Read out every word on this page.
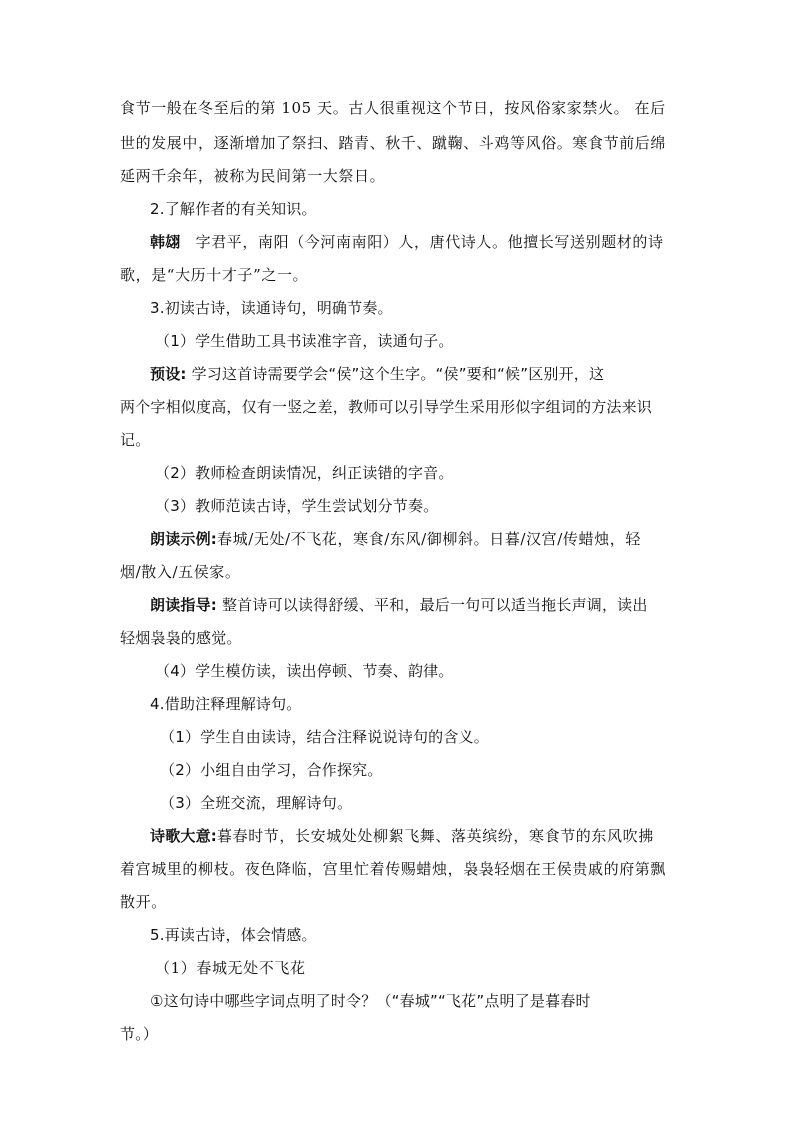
食节一般在冬至后的第 105 天。古人很重视这个节日，按风俗家家禁火。 在后
世的发展中，逐渐增加了祭扫、踏青、秋千、蹴鞠、斗鸡等风俗。寒食节前后绵
延两千余年，被称为民间第一大祭日。
2.了解作者的有关知识。
韩翃  字君平，南阳（今河南南阳）人，唐代诗人。他擅长写送别题材的诗
歌，是“大历十才子”之一。
3.初读古诗，读通诗句，明确节奏。
（1）学生借助工具书读准字音，读通句子。
预设: 学习这首诗需要学会“侯”这个生字。“侯”要和“候”区别开，这
两个字相似度高，仅有一竖之差，教师可以引导学生采用形似字组词的方法来识
记。
（2）教师检查朗读情况，纠正读错的字音。
（3）教师范读古诗，学生尝试划分节奏。
朗读示例:春城/无处/不飞花，寒食/东风/御柳斜。日暮/汉宫/传蜡烛，轻
烟/散入/五侯家。
朗读指导: 整首诗可以读得舒缓、平和，最后一句可以适当拖长声调，读出
轻烟袅袅的感觉。
（4）学生模仿读，读出停顿、节奏、韵律。
4.借助注释理解诗句。
（1）学生自由读诗，结合注释说说诗句的含义。
（2）小组自由学习，合作探究。
（3）全班交流，理解诗句。
诗歌大意:暮春时节，长安城处处柳絮飞舞、落英缤纷，寒食节的东风吹拂
着宫城里的柳枝。夜色降临，宫里忙着传赐蜡烛，袅袅轻烟在王侯贵戚的府第飘
散开。
5.再读古诗，体会情感。
（1）春城无处不飞花
①这句诗中哪些字词点明了时令？（“春城”“飞花”点明了是暮春时
节。）
